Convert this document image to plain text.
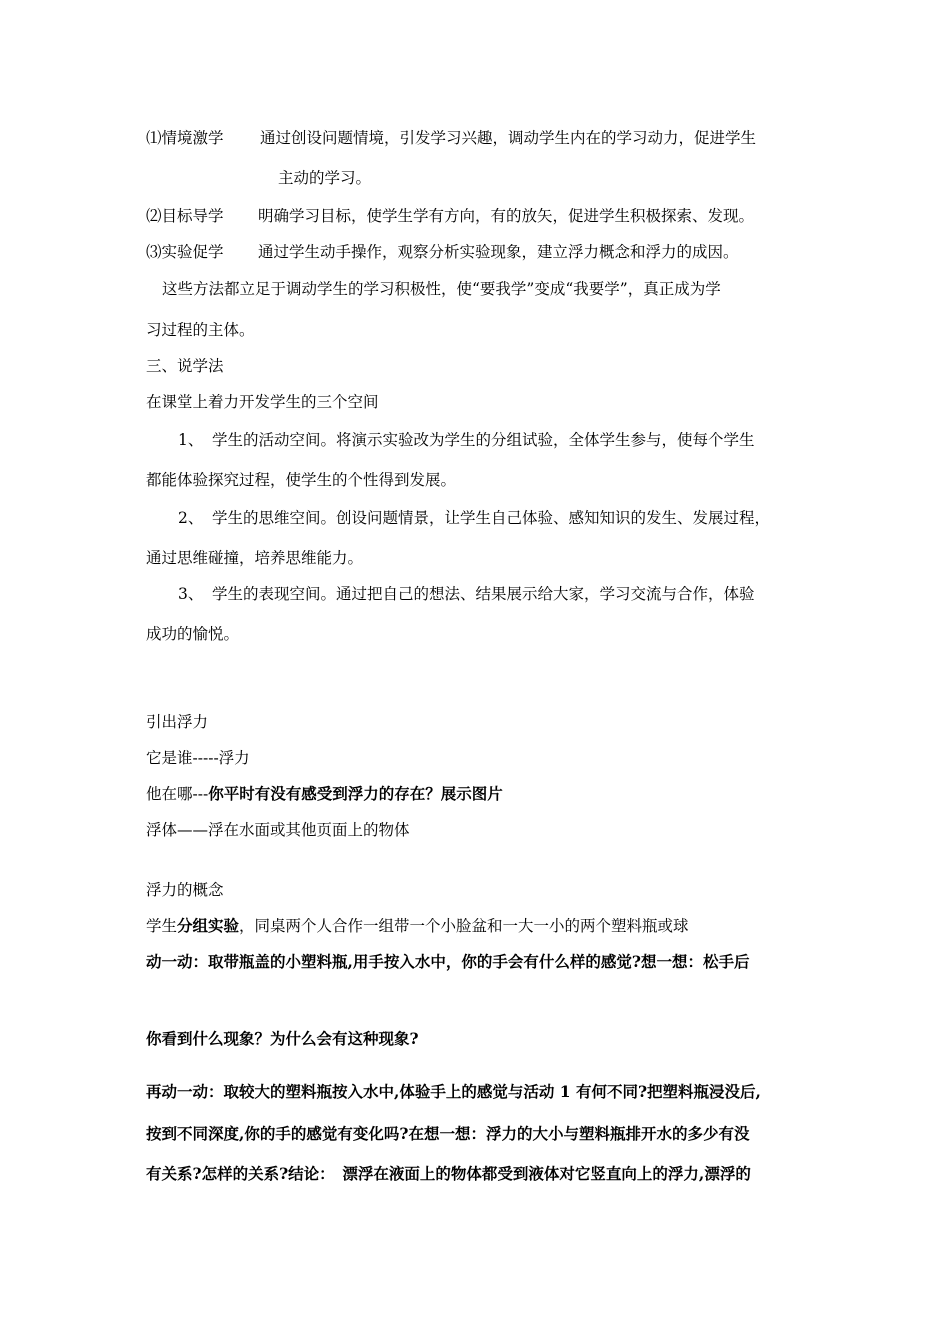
⑴情境激学 通过创设问题情境，引发学习兴趣，调动学生内在的学习动力，促进学生
主动的学习。
⑵目标导学 明确学习目标，使学生学有方向，有的放矢，促进学生积极探索、发现。
⑶实验促学 通过学生动手操作，观察分析实验现象，建立浮力概念和浮力的成因。
这些方法都立足于调动学生的学习积极性，使“要我学”变成“我要学”，真正成为学
习过程的主体。
三、说学法
在课堂上着力开发学生的三个空间
1、 学生的活动空间。将演示实验改为学生的分组试验，全体学生参与，使每个学生
都能体验探究过程，使学生的个性得到发展。
2、 学生的思维空间。创设问题情景，让学生自己体验、感知知识的发生、发展过程，
通过思维碰撞，培养思维能力。
3、 学生的表现空间。通过把自己的想法、结果展示给大家，学习交流与合作，体验
成功的愉悦。
引出浮力
它是谁-----浮力
他在哪---你平时有没有感受到浮力的存在？展示图片
浮体——浮在水面或其他页面上的物体
浮力的概念
学生分组实验，同桌两个人合作一组带一个小脸盆和一大一小的两个塑料瓶或球
动一动：取带瓶盖的小塑料瓶,用手按入水中，你的手会有什么样的感觉?想一想：松手后
你看到什么现象？为什么会有这种现象?
再动一动：取较大的塑料瓶按入水中,体验手上的感觉与活动 1 有何不同?把塑料瓶浸没后,
按到不同深度,你的手的感觉有变化吗?在想一想：浮力的大小与塑料瓶排开水的多少有没
有关系?怎样的关系?结论：　漂浮在液面上的物体都受到液体对它竖直向上的浮力,漂浮的
